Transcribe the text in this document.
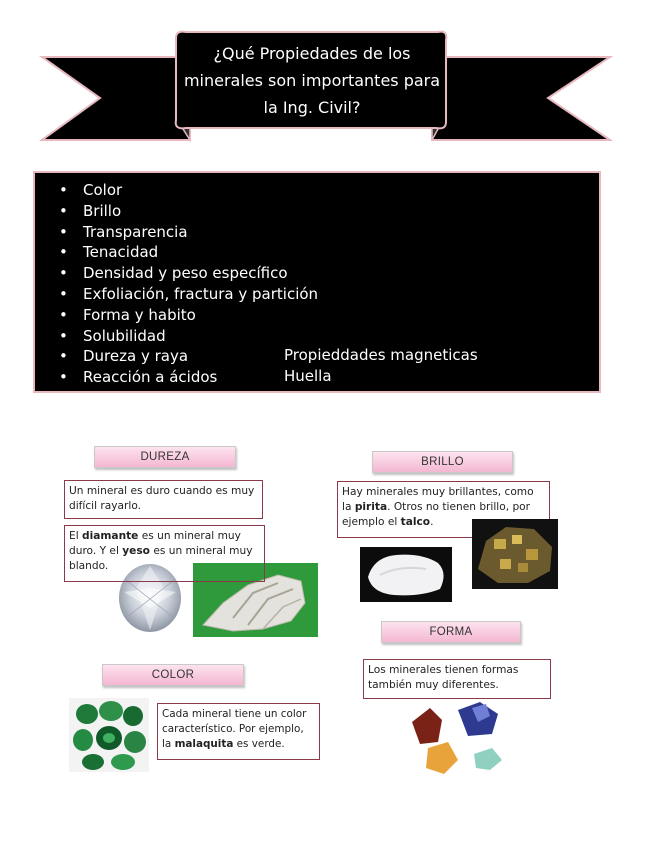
¿Qué Propiedades de los
minerales son importantes para
la Ing. Civil?
• Color
• Brillo
• Transparencia
• Tenacidad
• Densidad y peso específico
• Exfoliación, fractura y partición
• Forma y habito
• Solubilidad
• Dureza y raya
• Reacción a ácidos
Propieddades magneticas
Huella
DUREZA
Un mineral es duro cuando es muy difícil rayarlo.
El diamante es un mineral muy duro. Y el yeso es un mineral muy blando.
BRILLO
Hay minerales muy brillantes, como la pirita. Otros no tienen brillo, por ejemplo el talco.
FORMA
Los minerales tienen formas también muy diferentes.
COLOR
Cada mineral tiene un color característico. Por ejemplo, la malaquita es verde.
